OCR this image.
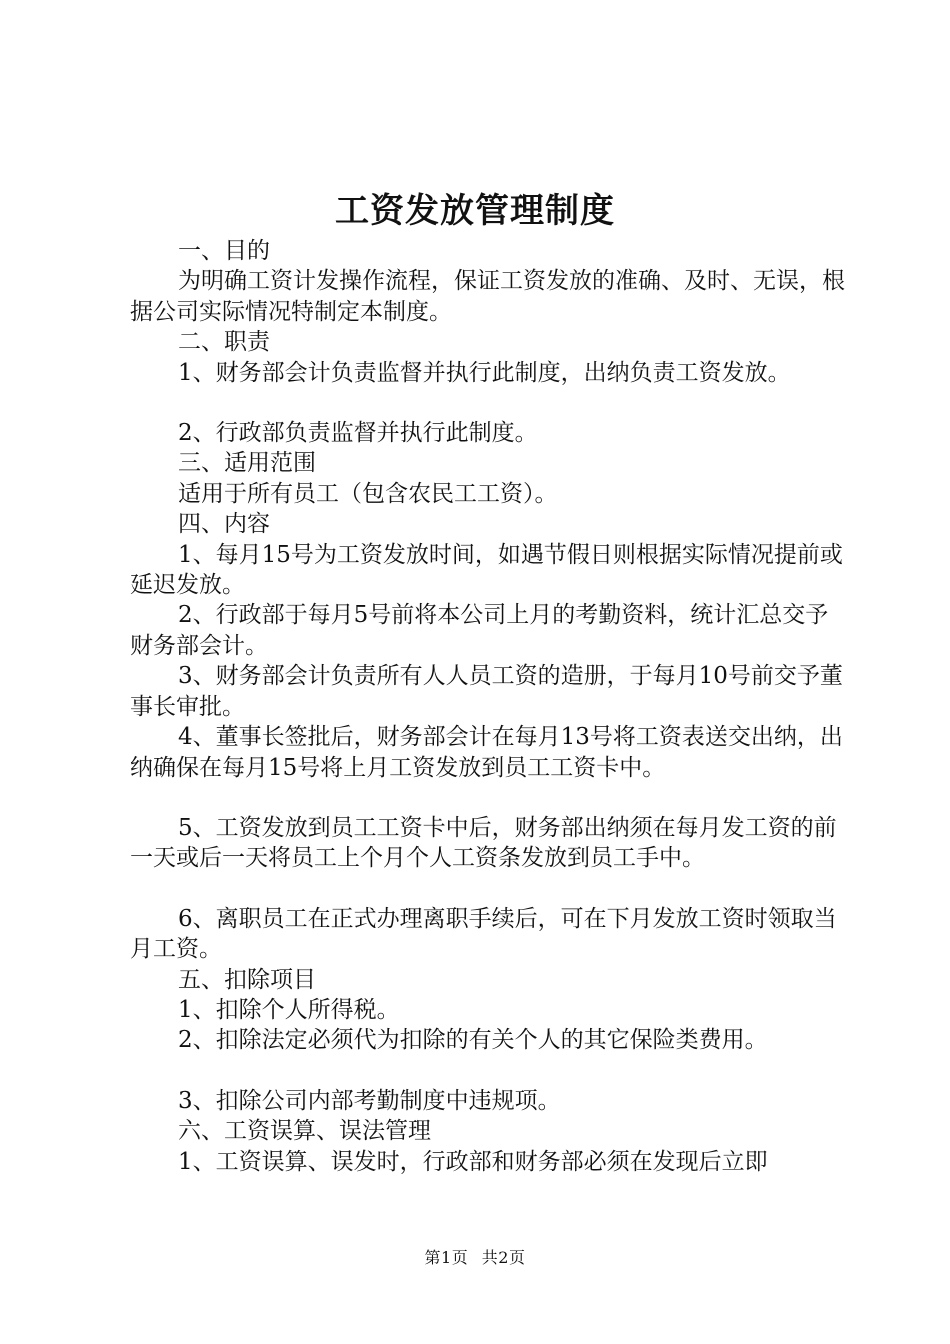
工资发放管理制度

一、目的

为明确工资计发操作流程，保证工资发放的准确、及时、无误，根据公司实际情况特制定本制度。

二、职责

1、财务部会计负责监督并执行此制度，出纳负责工资发放。

2、行政部负责监督并执行此制度。

三、适用范围

适用于所有员工（包含农民工工资）。

四、内容

1、每月15号为工资发放时间，如遇节假日则根据实际情况提前或延迟发放。

2、行政部于每月5号前将本公司上月的考勤资料，统计汇总交予财务部会计。

3、财务部会计负责所有人人员工资的造册，于每月10号前交予董事长审批。

4、董事长签批后，财务部会计在每月13号将工资表送交出纳，出纳确保在每月15号将上月工资发放到员工工资卡中。

5、工资发放到员工工资卡中后，财务部出纳须在每月发工资的前一天或后一天将员工上个月个人工资条发放到员工手中。

6、离职员工在正式办理离职手续后，可在下月发放工资时领取当月工资。

五、扣除项目

1、扣除个人所得税。

2、扣除法定必须代为扣除的有关个人的其它保险类费用。

3、扣除公司内部考勤制度中违规项。

六、工资误算、误法管理

1、工资误算、误发时，行政部和财务部必须在发现后立即

第1页 共2页
